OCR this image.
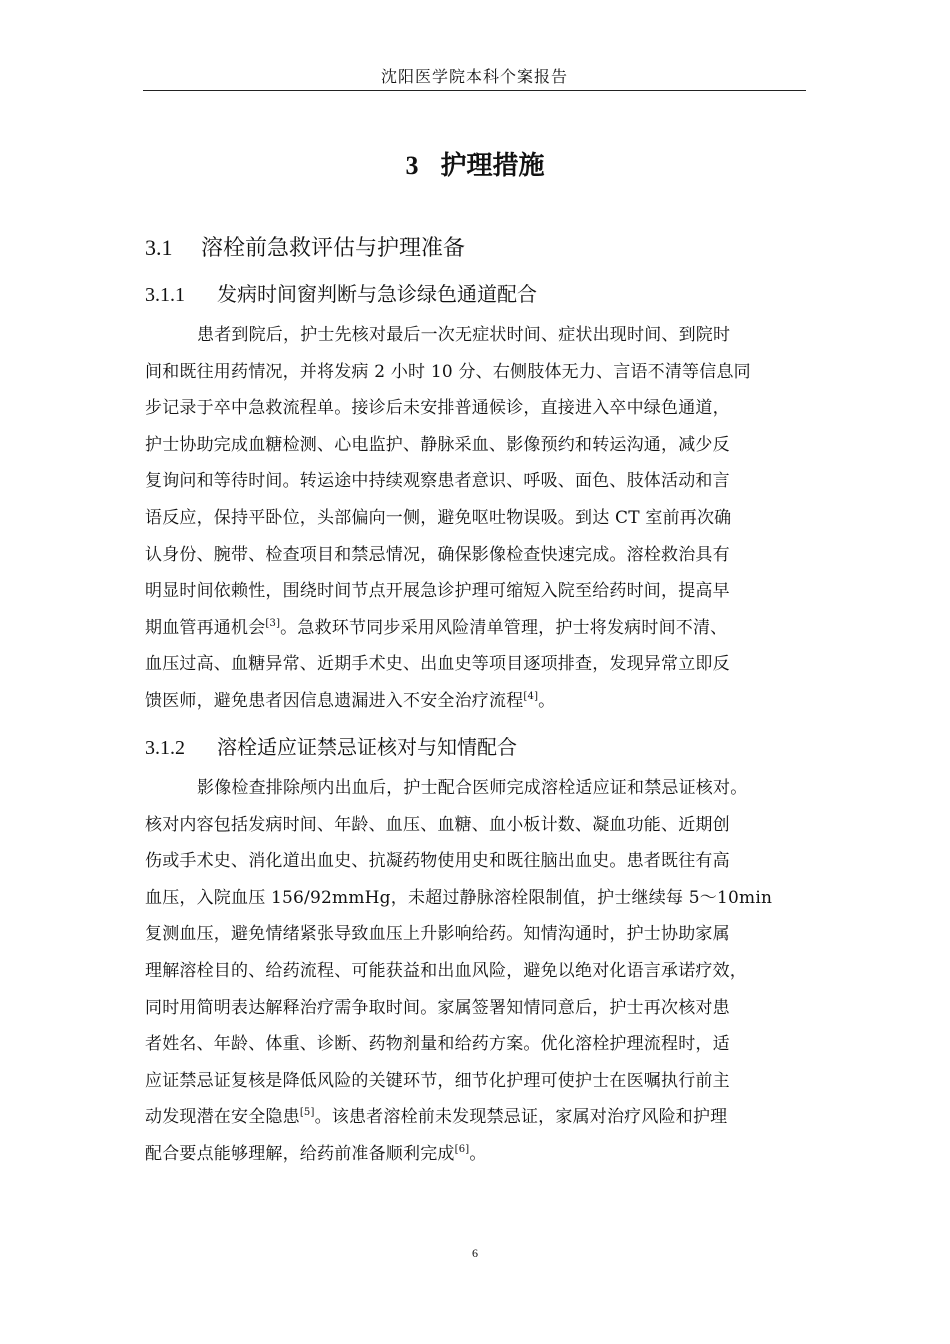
沈阳医学院本科个案报告
3 护理措施
3.1 溶栓前急救评估与护理准备
3.1.1 发病时间窗判断与急诊绿色通道配合
患者到院后，护士先核对最后一次无症状时间、症状出现时间、到院时
间和既往用药情况，并将发病 2 小时 10 分、右侧肢体无力、言语不清等信息同
步记录于卒中急救流程单。接诊后未安排普通候诊，直接进入卒中绿色通道，
护士协助完成血糖检测、心电监护、静脉采血、影像预约和转运沟通，减少反
复询问和等待时间。转运途中持续观察患者意识、呼吸、面色、肢体活动和言
语反应，保持平卧位，头部偏向一侧，避免呕吐物误吸。到达 CT 室前再次确
认身份、腕带、检查项目和禁忌情况，确保影像检查快速完成。溶栓救治具有
明显时间依赖性，围绕时间节点开展急诊护理可缩短入院至给药时间，提高早
期血管再通机会[3]。急救环节同步采用风险清单管理，护士将发病时间不清、
血压过高、血糖异常、近期手术史、出血史等项目逐项排查，发现异常立即反
馈医师，避免患者因信息遗漏进入不安全治疗流程[4]。
3.1.2 溶栓适应证禁忌证核对与知情配合
影像检查排除颅内出血后，护士配合医师完成溶栓适应证和禁忌证核对。
核对内容包括发病时间、年龄、血压、血糖、血小板计数、凝血功能、近期创
伤或手术史、消化道出血史、抗凝药物使用史和既往脑出血史。患者既往有高
血压，入院血压 156/92mmHg，未超过静脉溶栓限制值，护士继续每 5～10min
复测血压，避免情绪紧张导致血压上升影响给药。知情沟通时，护士协助家属
理解溶栓目的、给药流程、可能获益和出血风险，避免以绝对化语言承诺疗效，
同时用简明表达解释治疗需争取时间。家属签署知情同意后，护士再次核对患
者姓名、年龄、体重、诊断、药物剂量和给药方案。优化溶栓护理流程时，适
应证禁忌证复核是降低风险的关键环节，细节化护理可使护士在医嘱执行前主
动发现潜在安全隐患[5]。该患者溶栓前未发现禁忌证，家属对治疗风险和护理
配合要点能够理解，给药前准备顺利完成[6]。
6
